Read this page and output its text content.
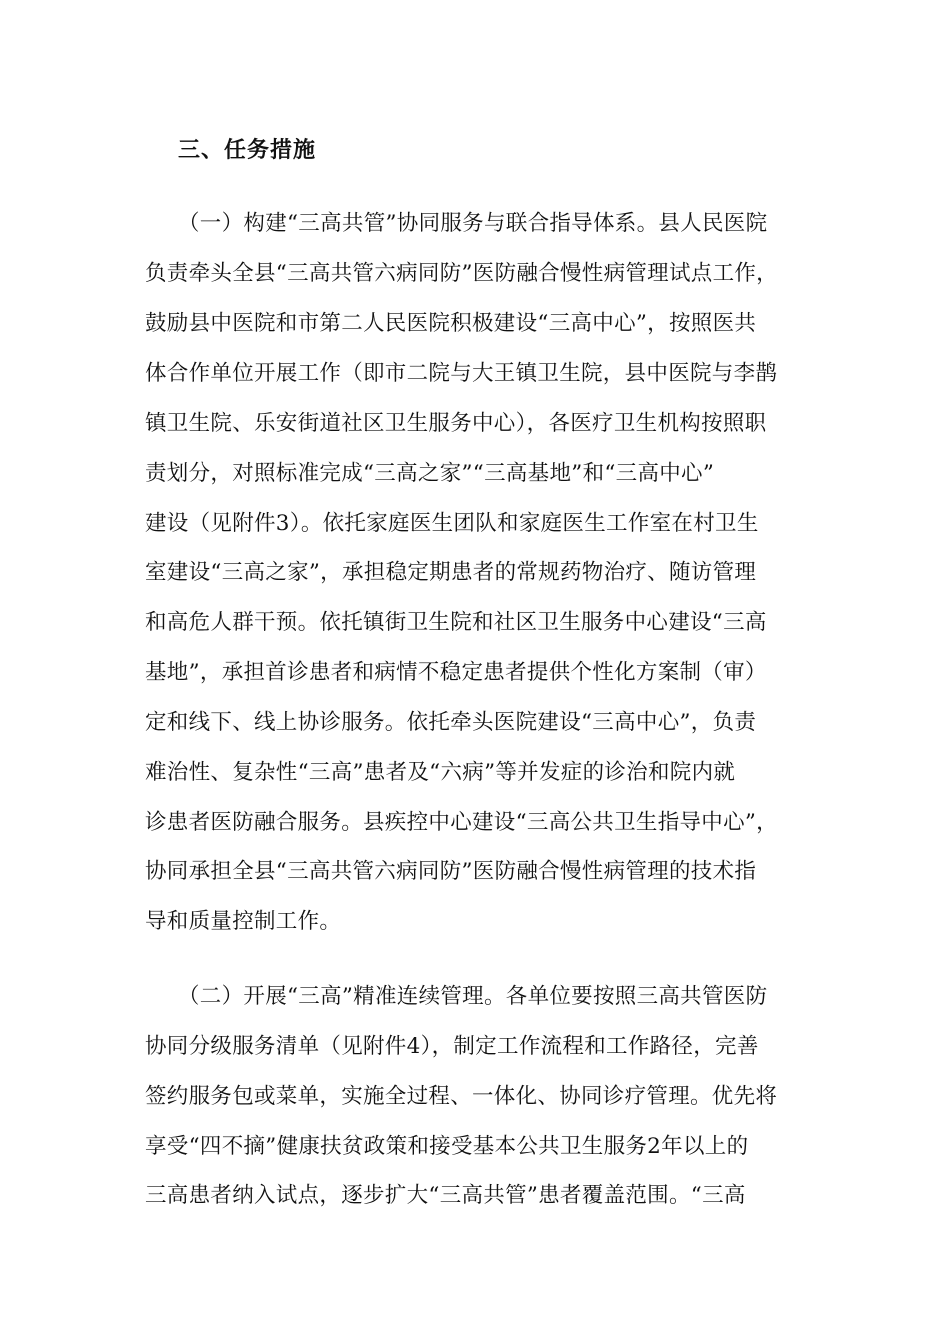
三、任务措施
（一）构建“三高共管”协同服务与联合指导体系。县人民医院
负责牵头全县“三高共管六病同防”医防融合慢性病管理试点工作，
鼓励县中医院和市第二人民医院积极建设“三高中心”，按照医共
体合作单位开展工作（即市二院与大王镇卫生院，县中医院与李鹊
镇卫生院、乐安街道社区卫生服务中心），各医疗卫生机构按照职
责划分，对照标准完成“三高之家”“三高基地”和“三高中心”
建设（见附件3）。依托家庭医生团队和家庭医生工作室在村卫生
室建设“三高之家”，承担稳定期患者的常规药物治疗、随访管理
和高危人群干预。依托镇街卫生院和社区卫生服务中心建设“三高
基地”，承担首诊患者和病情不稳定患者提供个性化方案制（审）
定和线下、线上协诊服务。依托牵头医院建设“三高中心”，负责
难治性、复杂性“三高”患者及“六病”等并发症的诊治和院内就
诊患者医防融合服务。县疾控中心建设“三高公共卫生指导中心”，
协同承担全县“三高共管六病同防”医防融合慢性病管理的技术指
导和质量控制工作。
（二）开展“三高”精准连续管理。各单位要按照三高共管医防
协同分级服务清单（见附件4），制定工作流程和工作路径，完善
签约服务包或菜单，实施全过程、一体化、协同诊疗管理。优先将
享受“四不摘”健康扶贫政策和接受基本公共卫生服务2年以上的
三高患者纳入试点，逐步扩大“三高共管”患者覆盖范围。“三高
